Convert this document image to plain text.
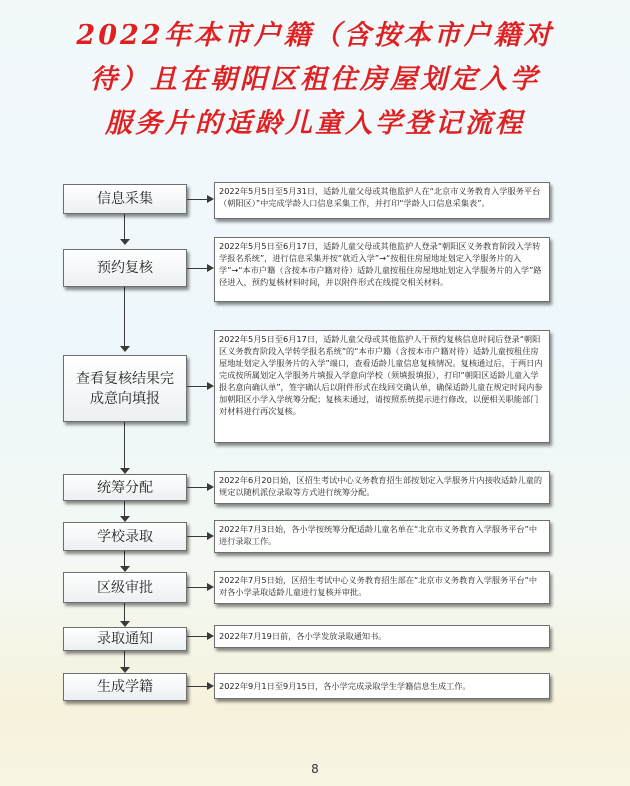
2022年本市户籍（含按本市户籍对
待）且在朝阳区租住房屋划定入学
服务片的适龄儿童入学登记流程
信息采集	2022年5月5日至5月31日，适龄儿童父母或其他监护人在“北京市义务教育入学服务平台（朝阳区）”中完成学龄人口信息采集工作，并打印“学龄人口信息采集表”。
预约复核
2022年5月5日至6月17日，适龄儿童父母或其他监护人登录“朝阳区义务教育阶段入学转学报名系统”，进行信息采集并按“就近入学”→“按租住房屋地址划定入学服务片的入学”→“本市户籍（含按本市户籍对待）适龄儿童按租住房屋地址划定入学服务片的入学”路径进入，预约复核材料时间，并以附件形式在线提交相关材料。
查看复核结果完成意向填报
2022年5月5日至6月17日，适龄儿童父母或其他监护人于预约复核信息时间后登录“朝阳区义务教育阶段入学转学报名系统”的“本市户籍（含按本市户籍对待）适龄儿童按租住房屋地址划定入学服务片的入学”端口，查看适龄儿童信息复核情况。复核通过后，于两日内完成按所属划定入学服务片填报入学意向学校（须填报填报），打印“朝阳区适龄儿童入学报名意向确认单”，签字确认后以附件形式在线回交确认单，确保适龄儿童在规定时间内参加朝阳区小学入学统筹分配；复核未通过，请按照系统提示进行修改，以便相关职能部门对材料进行再次复核。
统筹分配	2022年6月20日始，区招生考试中心义务教育招生部按划定入学服务片内接收适龄儿童的规定以随机派位录取等方式进行统筹分配。
学校录取	2022年7月3日始，各小学按统筹分配适龄儿童名单在“北京市义务教育入学服务平台”中进行录取工作。
区级审批	2022年7月5日始，区招生考试中心义务教育招生部在“北京市义务教育入学服务平台”中对各小学录取适龄儿童进行复核并审批。
录取通知	2022年7月19日前，各小学发放录取通知书。
生成学籍	2022年9月1日至9月15日，各小学完成录取学生学籍信息生成工作。
8
